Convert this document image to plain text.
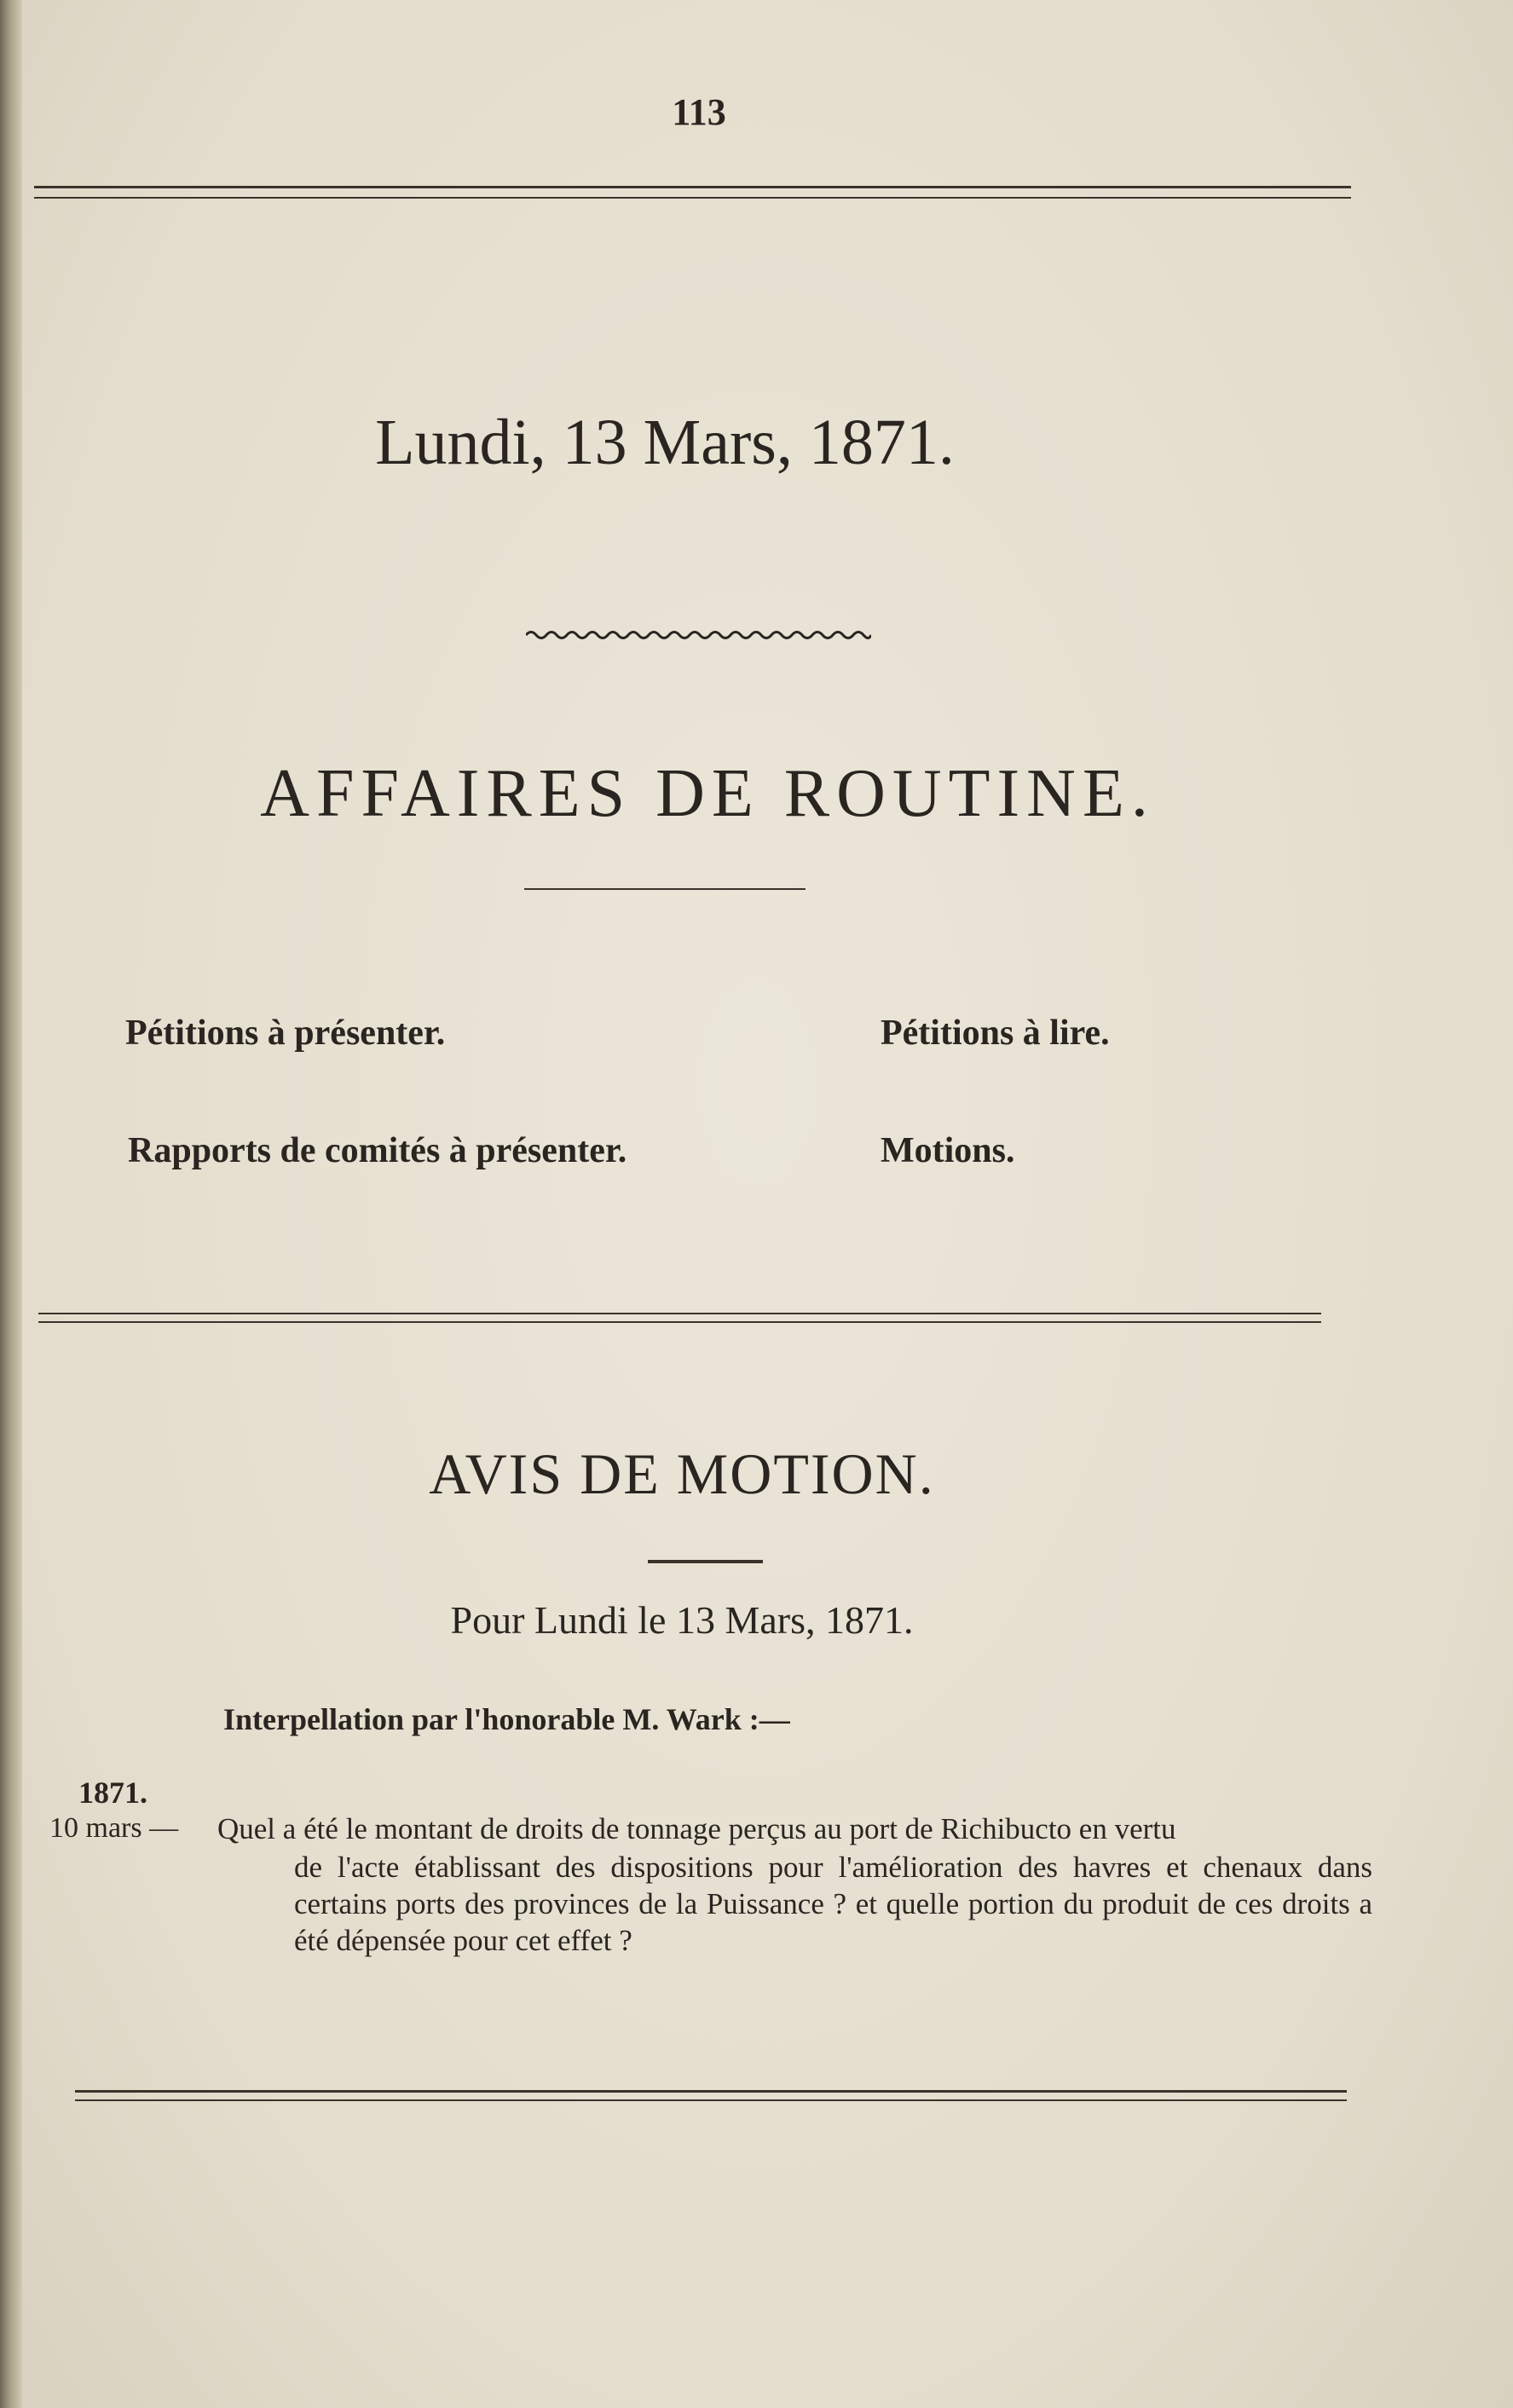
113
Lundi, 13 Mars, 1871.
AFFAIRES DE ROUTINE.
Pétitions à présenter.	Pétitions à lire.
Rapports de comités à présenter.	Motions.
AVIS DE MOTION.
Pour Lundi le 13 Mars, 1871.
Interpellation par l'honorable M. Wark :—
1871.
10 mars — Quel a été le montant de droits de tonnage perçus au port de Richibucto en vertu
de l'acte établissant des dispositions pour l'amélioration des havres et chenaux dans certains ports des provinces de la Puissance ? et quelle portion du produit de ces droits a été dépensée pour cet effet ?
